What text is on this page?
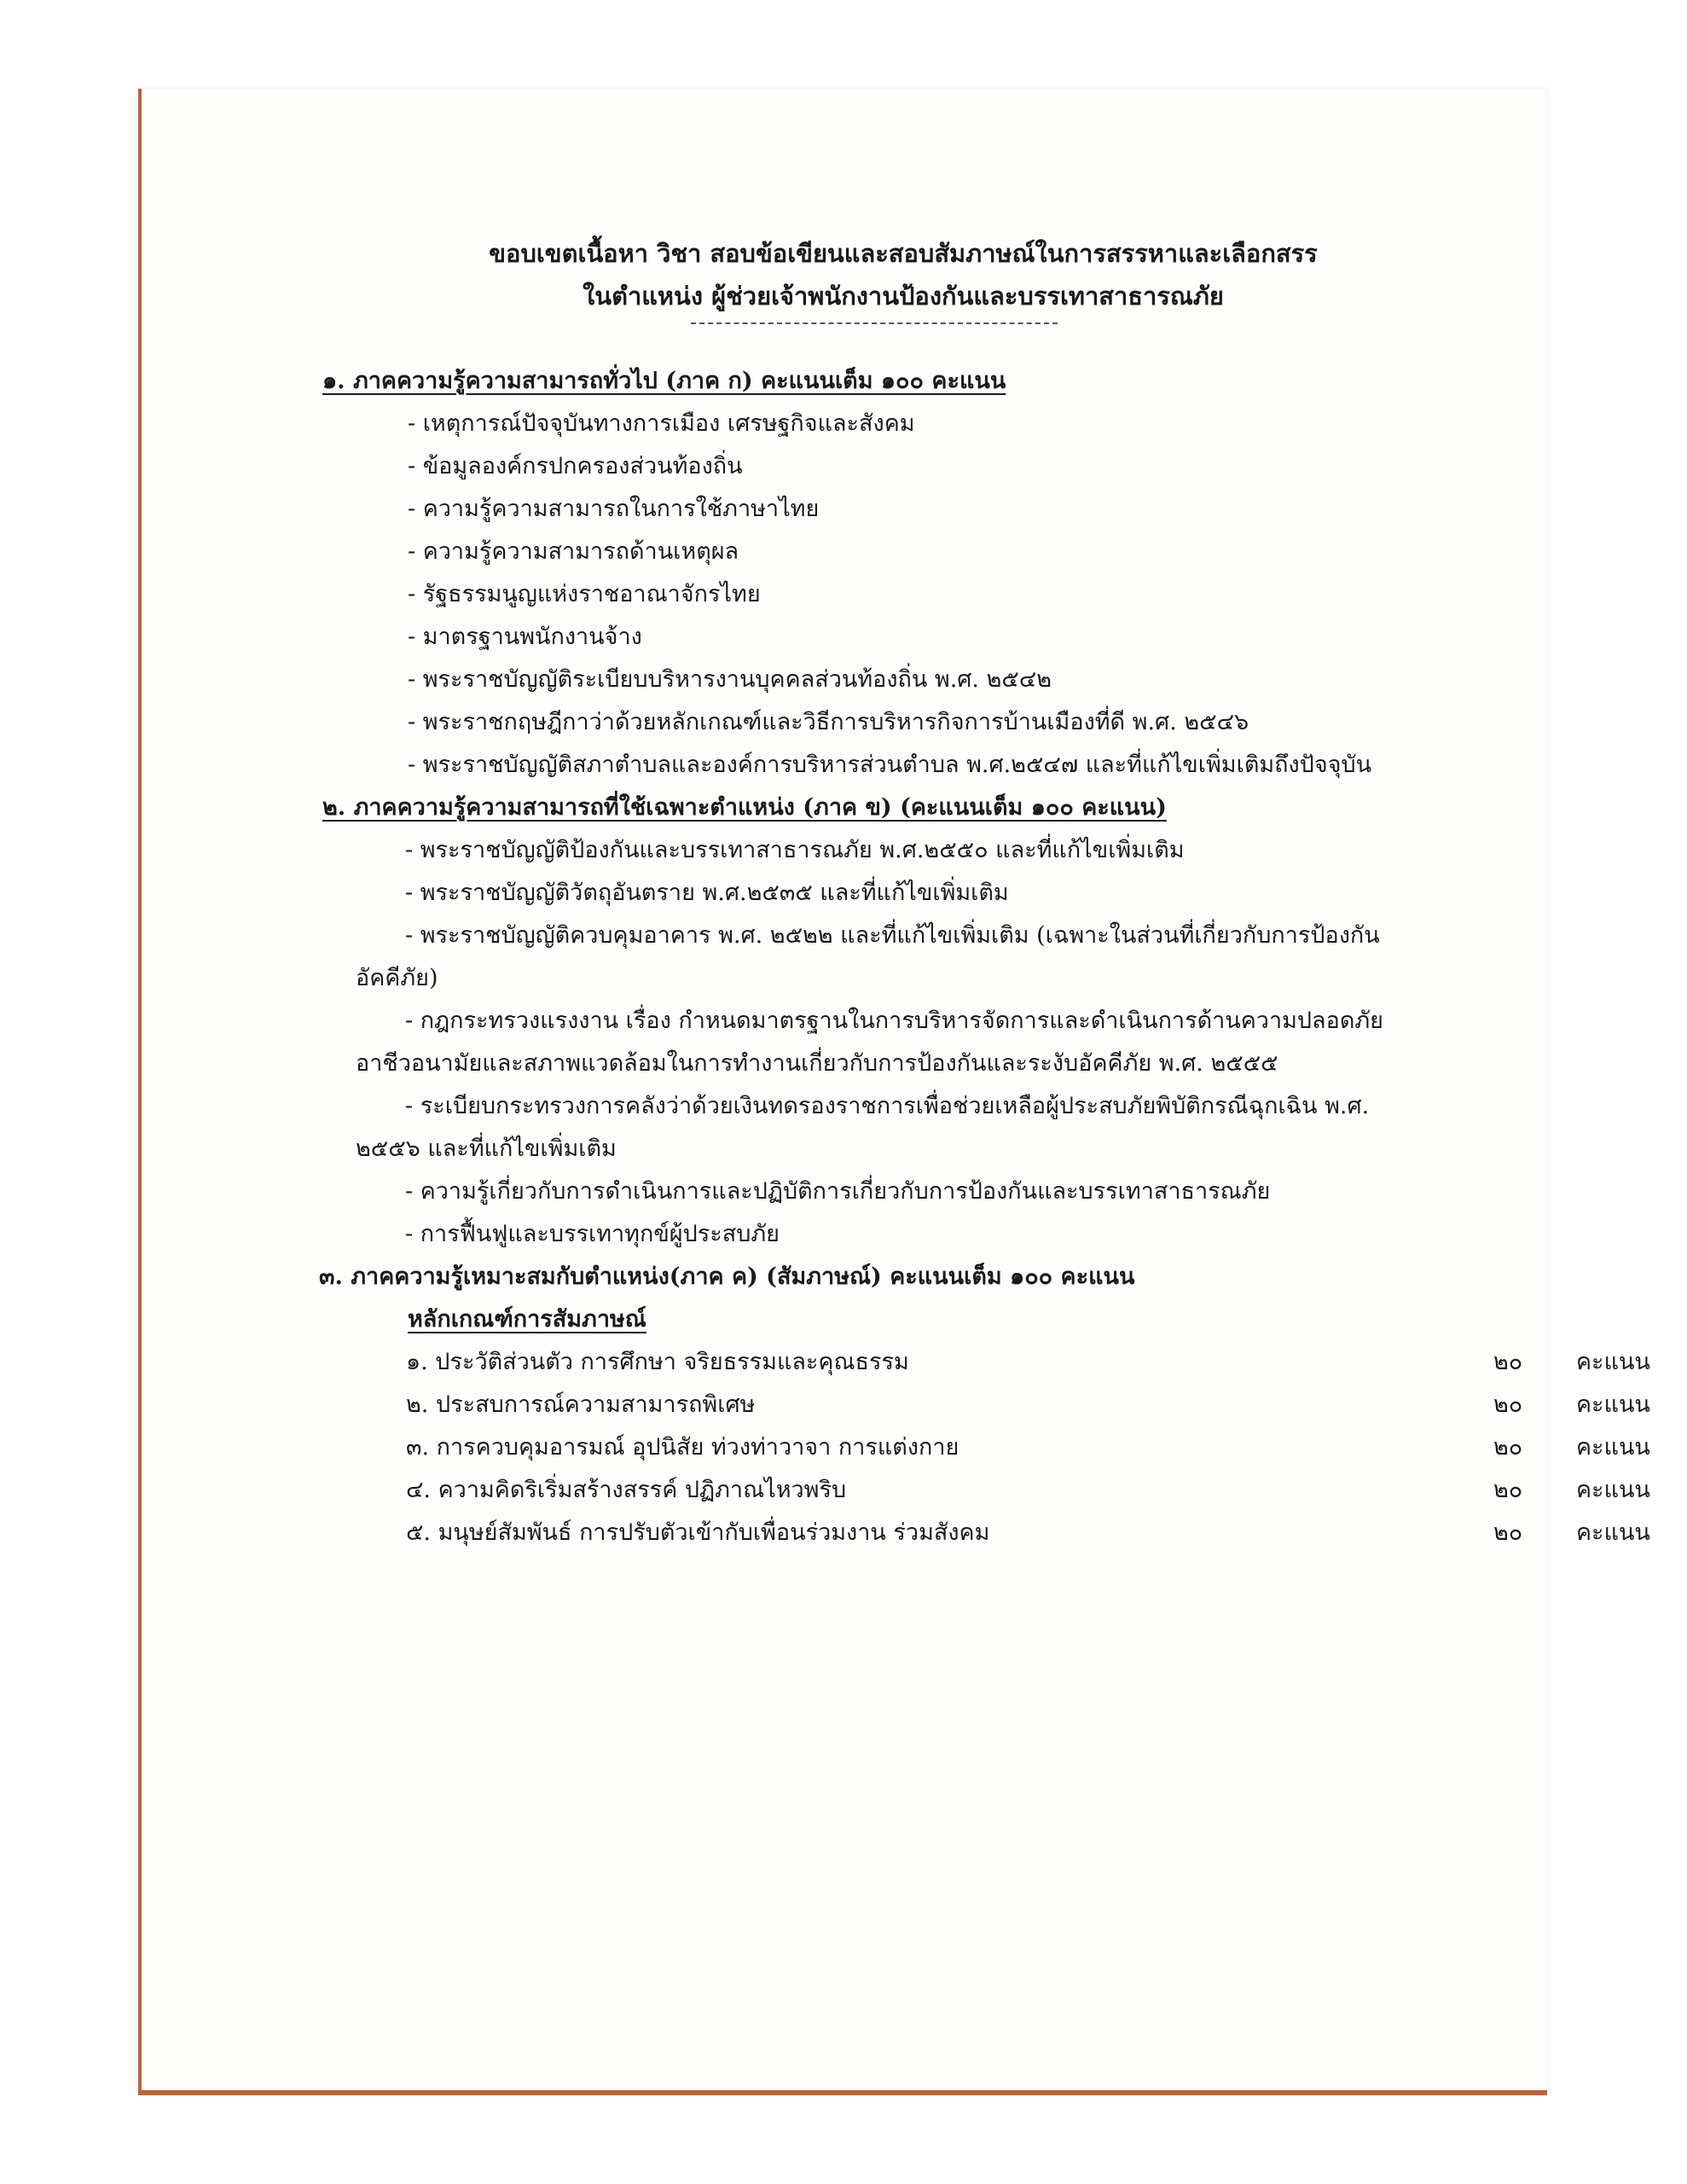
ขอบเขตเนื้อหา วิชา สอบข้อเขียนและสอบสัมภาษณ์ในการสรรหาและเลือกสรร
ในตำแหน่ง ผู้ช่วยเจ้าพนักงานป้องกันและบรรเทาสาธารณภัย
๑. ภาคความรู้ความสามารถทั่วไป (ภาค ก) คะแนนเต็ม ๑๐๐ คะแนน
- เหตุการณ์ปัจจุบันทางการเมือง เศรษฐกิจและสังคม
- ข้อมูลองค์กรปกครองส่วนท้องถิ่น
- ความรู้ความสามารถในการใช้ภาษาไทย
- ความรู้ความสามารถด้านเหตุผล
- รัฐธรรมนูญแห่งราชอาณาจักรไทย
- มาตรฐานพนักงานจ้าง
- พระราชบัญญัติระเบียบบริหารงานบุคคลส่วนท้องถิ่น พ.ศ. ๒๕๔๒
- พระราชกฤษฎีกาว่าด้วยหลักเกณฑ์และวิธีการบริหารกิจการบ้านเมืองที่ดี พ.ศ. ๒๕๔๖
- พระราชบัญญัติสภาตำบลและองค์การบริหารส่วนตำบล พ.ศ.๒๕๔๗ และที่แก้ไขเพิ่มเติมถึงปัจจุบัน
๒. ภาคความรู้ความสามารถที่ใช้เฉพาะตำแหน่ง (ภาค ข) (คะแนนเต็ม ๑๐๐ คะแนน)
- พระราชบัญญัติป้องกันและบรรเทาสาธารณภัย พ.ศ.๒๕๕๐ และที่แก้ไขเพิ่มเติม
- พระราชบัญญัติวัตถุอันตราย พ.ศ.๒๕๓๕ และที่แก้ไขเพิ่มเติม
- พระราชบัญญัติควบคุมอาคาร พ.ศ. ๒๕๒๒ และที่แก้ไขเพิ่มเติม (เฉพาะในส่วนที่เกี่ยวกับการป้องกัน
อัคคีภัย)
- กฎกระทรวงแรงงาน เรื่อง กำหนดมาตรฐานในการบริหารจัดการและดำเนินการด้านความปลอดภัย
อาชีวอนามัยและสภาพแวดล้อมในการทำงานเกี่ยวกับการป้องกันและระงับอัคคีภัย พ.ศ. ๒๕๕๕
- ระเบียบกระทรวงการคลังว่าด้วยเงินทดรองราชการเพื่อช่วยเหลือผู้ประสบภัยพิบัติกรณีฉุกเฉิน พ.ศ.
๒๕๕๖ และที่แก้ไขเพิ่มเติม
- ความรู้เกี่ยวกับการดำเนินการและปฏิบัติการเกี่ยวกับการป้องกันและบรรเทาสาธารณภัย
- การฟื้นฟูและบรรเทาทุกข์ผู้ประสบภัย
๓. ภาคความรู้เหมาะสมกับตำแหน่ง(ภาค ค) (สัมภาษณ์) คะแนนเต็ม ๑๐๐ คะแนน
หลักเกณฑ์การสัมภาษณ์
๑. ประวัติส่วนตัว การศึกษา จริยธรรมและคุณธรรม	๒๐ คะแนน
๒. ประสบการณ์ความสามารถพิเศษ	๒๐ คะแนน
๓. การควบคุมอารมณ์ อุปนิสัย ท่วงท่าวาจา การแต่งกาย	๒๐ คะแนน
๔. ความคิดริเริ่มสร้างสรรค์ ปฏิภาณไหวพริบ	๒๐ คะแนน
๕. มนุษย์สัมพันธ์ การปรับตัวเข้ากับเพื่อนร่วมงาน ร่วมสังคม	๒๐ คะแนน
